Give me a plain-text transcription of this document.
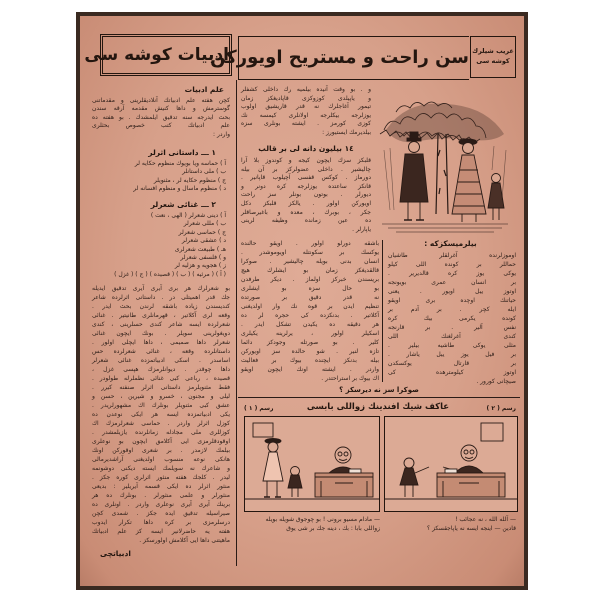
ادبيات كوشه سى
سن راحت و مستريح اويوركن غريب شيلرك
كوشه سى
علم ادبيات
كچن هفته علم ادبياتك آنلاديقلرينى و مقدماتنى
گوسترمش و داها كنيش مقدمه آرقه سندن
بحث ايدرجه سنه تدقيق ايلمشدك . بو هفته ده
علم ادبياتك كتب خصوص بحثلرى
واردر :
١ ـــ داستانى اثرلر
آ ) حماسه ويا بويوك منظوم حكايه لر
ب ) ملى داستانلر
ج ) منظوم حكايه لر ، مثنويلر
د ) منظوم ماسال و منظوم افسانه لر
٢ ـــ غنائى شعرلر
آ ) دينى شعرلر ( الهى ، نعت )
ب ) مللى شعرلر
ج ) حماسى شعرلر
د ) عشقى شعرلر
هـ ) طبيعت شعرلرى
و ) فلسفى شعرلر
ز ) هجويه و هزليه لر
( آ ) ( مرثيه ) ( ب ) ( قصيده ) ( ج ) ( غزل )
بو شعرلرك هر برى آيرى آيرى تدقيق ايديله
جك قدر اهميتلى در . داستانى اثرلرده شاعر
كنديسندن زياده باشقه لرندن بحث ايدر .
وقعه لرى آكلاتير ، قهرمانلرى طانيتير . غنائى
شعرلرده ايسه شاعر كندى حسلرينى ، كندى
دويغولرينى سويلر . بونك ايچون غنائى
شعرلر داها صميمى ، داها ايچلى اولور .
داستانلرده وقعه ، غنائى شعرلرده حس
اساسدر . اسكى ادبياتمزده غنائى شعرلر
داها چوقدر . ديوانلرمزك هپسى غزل ،
قصيده ، رباعى كبى غنائى نظملرله طولودر .
فقط مثنويلرمز داستانى اثرلر صنفنه كيرر .
ليلى و مجنون ، خسرو و شيرين ، حسن و
عشق كبى مثنويلر بونلرك اك مشهورلريدر .
يكى ادبياتمزده ايسه هر ايكى نوعدن ده
كوزل اثرلر واردر . حماسى شعرلرمزك اك
كوزللرى ملى مجادله زمانلرنده يازيلمشدر .
اوقودقلرمزى ايى آكلامق ايچون بو نوعلرى
بيلمك لازمدر . بر شعرى اوقوركن اونك
هانكى نوعه منسوب اولديغنى آراشديرمالى
و شاعرك نه سويلمك ايسته ديكنى دوشونمه
ليدر . كلجك هفته منثور اثرلرى كوره جكز .
منثور اثرلر ده ايكى قسمه آيريلير : بديعى
منثورلر و علمى منثورلر . بونلرك ده هر
برينك آيرى آيرى نوعلرى واردر . اونلرى ده
صيراسيله تدقيق ايده جكز . شمدى كچن
درسلرمزى بر كره داها تكرار ايدوب
هفته يه حاضرلانير ايسه كز علم ادبياتك
ماهيتنى داها ايى آكلامش اولورسكز .
ادبياتچى
و . بو وقت آنيده بيلميه رك داخلى كشفلر
و ياپيلدى كوزوكزى قاپاديغكز زمان
تيمور آغاجلرك نه قدر قاريشيق اولوب
يوزلرجه بيكلرجه اولانلرى كيمسه نك
كوزى كورمز . ايشته بونلرى سزه
بيلديرمك ايستيورز :
١٤ بيليون دانه لى بر قالب
قلبكز سزك ايچون كيجه و كوندوز بلا آرا
چاليشير . داخلى عضولركز بر آن بيله
دورماز . كوكس قفسى آچيلوب قاپانير .
قانكز ساعتده يوزلرجه كره دونر و
ديورلر . بوتون بونلر سز راحت
اويوركن اولور . يالكز قلبكز دكل
جكر ، بوبرك ، معده و باغيرصاقلر
ده عين زمانده وظيفه لرينى
ياپارلر .
بيلرميسكزكه :
باشقه دورلو اولور . اويقو حالنده
يوكسك بر سكونتله اويوموشدر .
انسان بدنى بويله چاليشير . صوكرا
قالقديغكز زمان بو ايشلرك هيچ
بريسندن خبركز اولماز . ديكر طرفدن
بو حال سزه بو ايشلرى
نه قدر دقيق بر صورتده
تنظيم ايدن بر قوه نك وار اولديغنى
آكلاتير . بدنكزده كى حجره لر ده
هر دقيقه ده يكيدن تشكل ايدر .
اسكيلر اولور ، يرلرينه يكيلرى
كلير . بو صورتله وجودكز دائما
تازه لنير . شو حالده سز اويوركن
بيله بدنكز ايچنده بيوك بر فعاليت
واردر . ايشته اونك ايچون اويقو
اك بيوك بر استراحتدر .
اوموزلرنده آغرلقلر طاشيان
حماللر بر كونده اللى كيلو
يوكى يوز كره قالديرير .
بر انسان عمرى بويونجه
اوتوز ييل اويور . يعنى
حياتنك اوچده برى اويقو
ايله كچر . بر آدم بر
كونده يكرمى بيك كره
نفس آلير . بر قارنجه
كندى آغرلغنك اللى
مثلى يوكى طاشيه بيلير .
بر فيل يوز ييل ياشار .
بر قارتال يوكسكدن
اوتوز كيلومترهده كى
صيچانى كورور .
صوكرا سز نه ديرسكز ؟
عاكف شيك افندينك زواللى بابسى
رسم ( ١ )	رسم ( ٢ )
— مادام مسيو برونى ! بو چوجوق شويله بويله
زواللى بابا : بك ، دينه جك بر شى يوق
— آلله الله ، نه عجائب !
قادين — اينجه ايسه نه ياپاجقسكز ؟
